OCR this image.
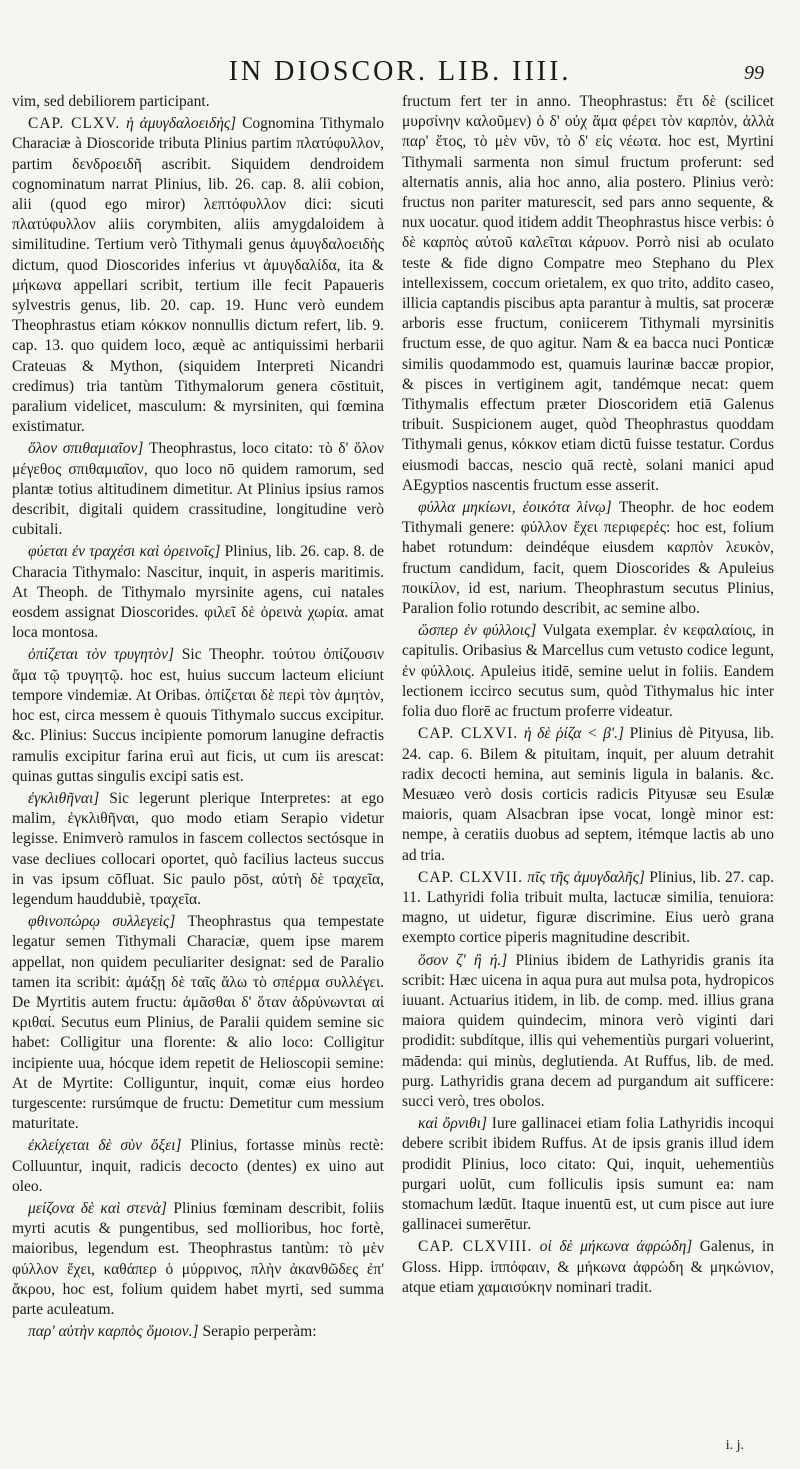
IN DIOSCOR. LIB. IIII.	99

vim, sed debiliorem participant.

CAP. CLXV. ἡ ἀμυγδαλοειδὴς] Cognomina Tithymalo Characiæ à Dioscoride tributa Plinius partim πλατύφυλλον, partim δενδροειδῆ ascribit. Siquidem dendroidem cognominatum narrat Plinius, lib. 26. cap. 8. alii cobion, alii (quod ego miror) λεπτόφυλλον dici: sicuti πλατύφυλλον aliis corymbiten, aliis amygdaloidem à similitudine. Tertium verò Tithymali genus ἀμυγδαλοειδὴς dictum, quod Dioscorides inferius vt ἀμυγδαλίδα, ita & μήκωνα appellari scribit, tertium ille fecit Papaueris sylvestris genus, lib. 20. cap. 19. Hunc verò eundem Theophrastus etiam κόκκον nonnullis dictum refert, lib. 9. cap. 13. quo quidem loco, æquè ac antiquissimi herbarii Crateuas & Mython, (siquidem Interpreti Nicandri credimus) tria tantùm Tithymalorum genera cōstituit, paralium videlicet, masculum: & myrsiniten, qui fœmina existimatur.

ὅλον σπιθαμιαῖον] Theophrastus, loco citato: τὸ δ' ὅλον μέγεθος σπιθαμιαῖον, quo loco nō quidem ramorum, sed plantæ totius altitudinem dimetitur. At Plinius ipsius ramos describit, digitali quidem crassitudine, longitudine verò cubitali.

φύεται ἐν τραχέσι καὶ ὀρεινοῖς] Plinius, lib. 26. cap. 8. de Characia Tithymalo: Nascitur, inquit, in asperis maritimis. At Theoph. de Tithymalo myrsinite agens, cui natales eosdem assignat Dioscorides. φιλεῖ δὲ ὀρεινὰ χωρία. amat loca montosa.

ὀπίζεται τὸν τρυγητὸν] Sic Theophr. τούτου ὀπίζουσιν ἅμα τῷ τρυγητῷ. hoc est, huius succum lacteum eliciunt tempore vindemiæ. At Oribas. ὀπίζεται δὲ περὶ τὸν ἀμητὸν, hoc est, circa messem è quouis Tithymalo succus excipitur. &c. Plinius: Succus incipiente pomorum lanugine defractis ramulis excipitur farina eruì aut ficis, ut cum iis arescat: quinas guttas singulis excipi satis est.

ἐγκλιθῆναι] Sic legerunt plerique Interpretes: at ego malim, ἐγκλιθῆναι, quo modo etiam Serapio videtur legisse. Enimverò ramulos in fascem collectos sectósque in vase decliues collocari oportet, quò facilius lacteus succus in vas ipsum cōfluat. Sic paulo pōst, αὐτὴ δὲ τραχεῖα, legendum hauddubiè, τραχεῖα.

φθινοπώρῳ συλλεγεὶς] Theophrastus qua tempestate legatur semen Tithymali Characiæ, quem ipse marem appellat, non quidem peculiariter designat: sed de Paralio tamen ita scribit: ἁμάξῃ δὲ ταῖς ἄλω τὸ σπέρμα συλλέγει. De Myrtitis autem fructu: ἀμᾶσθαι δ' ὅταν ἁδρύνωνται αἱ κριθαί. Secutus eum Plinius, de Paralii quidem semine sic habet: Colligitur una florente: & alio loco: Colligitur incipiente uua, hócque idem repetit de Helioscopii semine: At de Myrtite: Colliguntur, inquit, comæ eius hordeo turgescente: rursúmque de fructu: Demetitur cum messium maturitate.

ἐκλείχεται δὲ σὺν ὄξει] Plinius, fortasse minùs rectè: Colluuntur, inquit, radicis decocto (dentes) ex uino aut oleo.

μείζονα δὲ καὶ στενὰ] Plinius fœminam describit, foliis myrti acutis & pungentibus, sed mollioribus, hoc fortè, maioribus, legendum est. Theophrastus tantùm: τὸ μὲν φύλλον ἔχει, καθάπερ ὁ μύρρινος, πλὴν ἀκανθῶδες ἐπ' ἄκρου, hoc est, folium quidem habet myrti, sed summa parte aculeatum.

παρ' αὐτὴν καρπὸς ὅμοιον.] Serapio perperàm:

fructum fert ter in anno. Theophrastus: ἔτι δὲ (scilicet μυρσίνην καλοῦμεν) ὁ δ' οὐχ ἅμα φέρει τὸν καρπὸν, ἀλλὰ παρ' ἔτος, τὸ μὲν νῦν, τὸ δ' εἰς νέωτα. hoc est, Myrtini Tithymali sarmenta non simul fructum proferunt: sed alternatis annis, alia hoc anno, alia postero. Plinius verò: fructus non pariter maturescit, sed pars anno sequente, & nux uocatur. quod itidem addit Theophrastus hisce verbis: ὁ δὲ καρπὸς αὐτοῦ καλεῖται κάρυον. Porrò nisi ab oculato teste & fide digno Compatre meo Stephano du Plex intellexissem, coccum orietalem, ex quo trito, addito caseo, illicia captandis piscibus apta parantur à multis, sat proceræ arboris esse fructum, coniicerem Tithymali myrsinitis fructum esse, de quo agitur. Nam & ea bacca nuci Ponticæ similis quodammodo est, quamuis laurinæ baccæ propior, & pisces in vertiginem agit, tandémque necat: quem Tithymalis effectum præter Dioscoridem etiā Galenus tribuit. Suspicionem auget, quòd Theophrastus quoddam Tithymali genus, κόκκον etiam dictū fuisse testatur. Cordus eiusmodi baccas, nescio quā rectè, solani manici apud AEgyptios nascentis fructum esse asserit.

φύλλα μηκίωνι, ἐοικότα λίνῳ] Theophr. de hoc eodem Tithymali genere: φύλλον ἔχει περιφερές: hoc est, folium habet rotundum: deindéque eiusdem καρπὸν λευκὸν, fructum candidum, facit, quem Dioscorides & Apuleius ποικίλον, id est, narium. Theophrastum secutus Plinius, Paralion folio rotundo describit, ac semine albo.

ὥσπερ ἐν φύλλοις] Vulgata exemplar. ἐν κεφαλαίοις, in capitulis. Oribasius & Marcellus cum vetusto codice legunt, ἐν φύλλοις. Apuleius itidē, semine uelut in foliis. Eandem lectionem iccirco secutus sum, quòd Tithymalus hic inter folia duo florē ac fructum proferre videatur.

CAP. CLXVI. ἡ δὲ ῥίζα < β'.] Plinius dè Pityusa, lib. 24. cap. 6. Bilem & pituitam, inquit, per aluum detrahit radix decocti hemina, aut seminis ligula in balanis. &c. Mesuæo verò dosis corticis radicis Pityusæ seu Esulæ maioris, quam Alsacbran ipse vocat, longè minor est: nempe, à ceratiis duobus ad septem, itémque lactis ab uno ad tria.

CAP. CLXVII. πῖς τῆς ἀμυγδαλῆς] Plinius, lib. 27. cap. 11. Lathyridi folia tribuit multa, lactucæ similia, tenuiora: magno, ut uidetur, figuræ discrimine. Eius uerò grana exempto cortice piperis magnitudine describit.

ὅσον ζ' ἢ ή.] Plinius ibidem de Lathyridis granis ita scribit: Hæc uicena in aqua pura aut mulsa pota, hydropicos iuuant. Actuarius itidem, in lib. de comp. med. illius grana maiora quidem quindecim, minora verò viginti dari prodidit: subdítque, illis qui vehementiùs purgari voluerint, mādenda: qui minùs, deglutienda. At Ruffus, lib. de med. purg. Lathyridis grana decem ad purgandum ait sufficere: succi verò, tres obolos.

καὶ ὄρνιθι] Iure gallinacei etiam folia Lathyridis incoqui debere scribit ibidem Ruffus. At de ipsis granis illud idem prodidit Plinius, loco citato: Qui, inquit, uehementiùs purgari uolūt, cum folliculis ipsis sumunt ea: nam stomachum lædūt. Itaque inuentū est, ut cum pisce aut iure gallinacei sumerētur.

CAP. CLXVIII. οἱ δὲ μήκωνα ἀφρώδη] Galenus, in Gloss. Hipp. ἱππόφαιν, & μήκωνα ἀφρώδη & μηκώνιον, atque etiam χαμαισύκην nominari tradit.

i. j.
